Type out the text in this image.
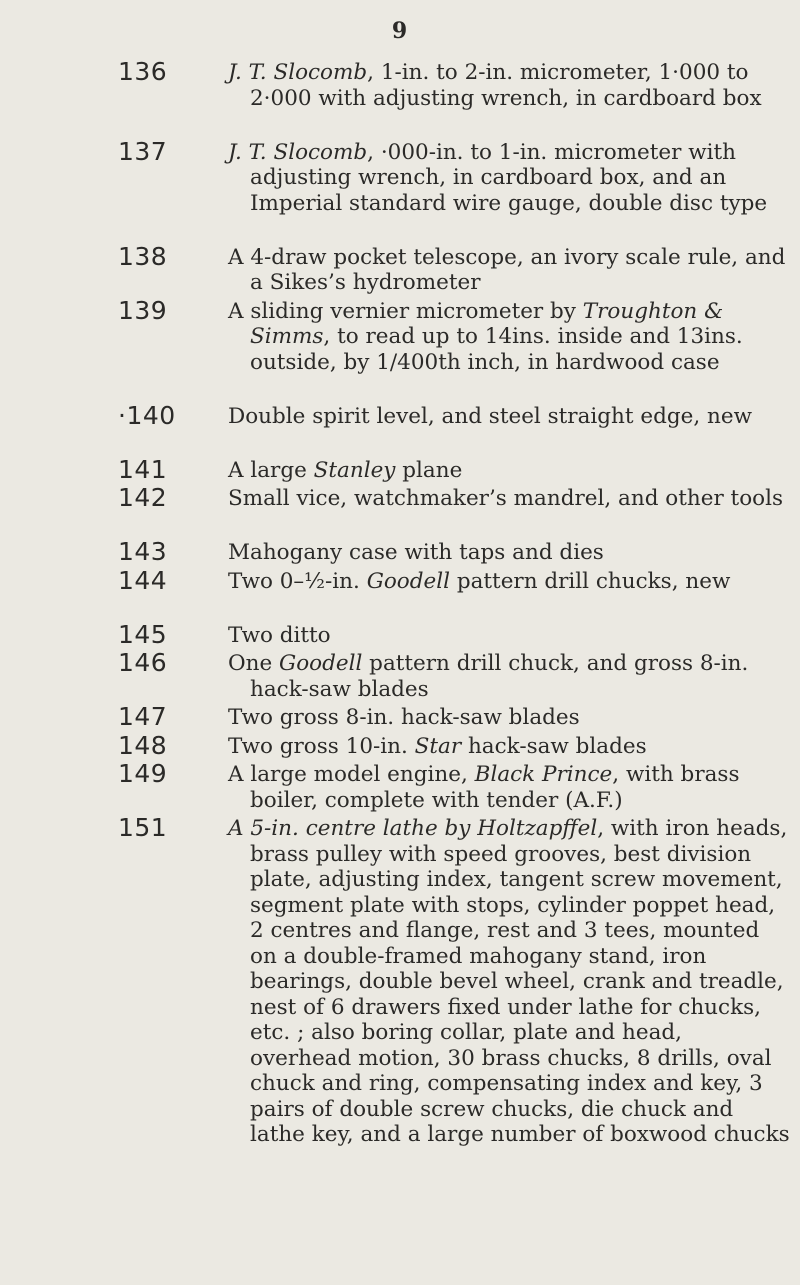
9
136	J. T. Slocomb, 1-in. to 2-in. micrometer, 1·000 to 2·000 with adjusting wrench, in cardboard box
137	J. T. Slocomb, ·000-in. to 1-in. micrometer with adjusting wrench, in cardboard box, and an Imperial standard wire gauge, double disc type
138	A 4-draw pocket telescope, an ivory scale rule, and a Sikes’s hydrometer
139	A sliding vernier micrometer by Troughton & Simms, to read up to 14ins. inside and 13ins. outside, by 1/400th inch, in hardwood case
·140 Double spirit level, and steel straight edge, new
141	A large Stanley plane
142	Small vice, watchmaker’s mandrel, and other tools
143	Mahogany case with taps and dies
144	Two 0–½-in. Goodell pattern drill chucks, new
145	Two ditto
146	One Goodell pattern drill chuck, and gross 8-in. hack-saw blades
147	Two gross 8-in. hack-saw blades
148	Two gross 10-in. Star hack-saw blades
149	A large model engine, Black Prince, with brass boiler, complete with tender (A.F.)
151	A 5-in. centre lathe by Holtzapffel, with iron heads, brass pulley with speed grooves, best division plate, adjusting index, tangent screw movement, segment plate with stops, cylinder poppet head, 2 centres and flange, rest and 3 tees, mounted on a double-framed mahogany stand, iron bearings, double bevel wheel, crank and treadle, nest of 6 drawers fixed under lathe for chucks, etc. ; also boring collar, plate and head, overhead motion, 30 brass chucks, 8 drills, oval chuck and ring, compensating index and key, 3 pairs of double screw chucks, die chuck and lathe key, and a large number of boxwood chucks
